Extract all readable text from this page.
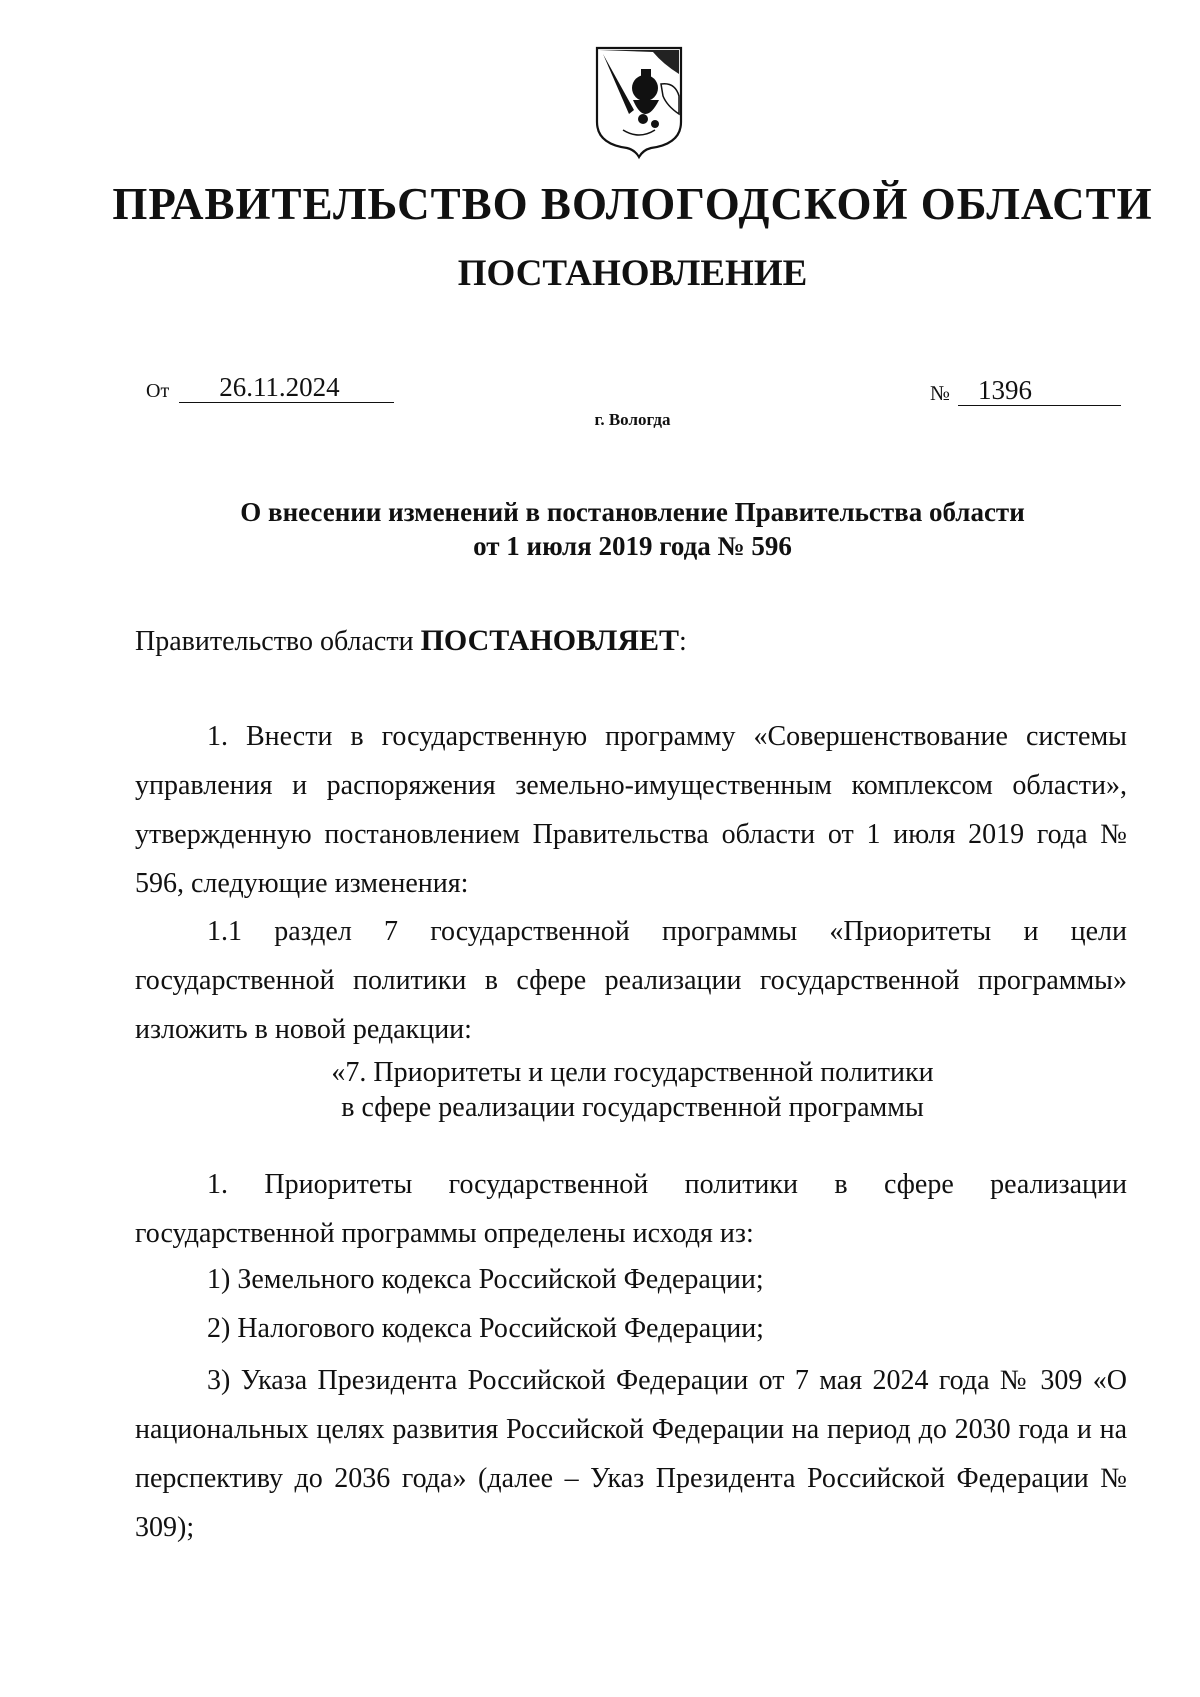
ПРАВИТЕЛЬСТВО ВОЛОГОДСКОЙ ОБЛАСТИ
ПОСТАНОВЛЕНИЕ
От	26.11.2024	№	1396
г. Вологда
О внесении изменений в постановление Правительства области
от 1 июля 2019 года № 596
Правительство области ПОСТАНОВЛЯЕТ:

1. Внести в государственную программу «Совершенствование системы управления и распоряжения земельно-имущественным комплексом области», утвержденную постановлением Правительства области от 1 июля 2019 года № 596, следующие изменения:

1.1 раздел 7 государственной программы «Приоритеты и цели государственной политики в сфере реализации государственной программы» изложить в новой редакции:

«7. Приоритеты и цели государственной политики
в сфере реализации государственной программы

1. Приоритеты государственной политики в сфере реализации государственной программы определены исходя из:

1) Земельного кодекса Российской Федерации;
2) Налогового кодекса Российской Федерации;

3) Указа Президента Российской Федерации от 7 мая 2024 года № 309 «О национальных целях развития Российской Федерации на период до 2030 года и на перспективу до 2036 года» (далее – Указ Президента Российской Федерации № 309);
